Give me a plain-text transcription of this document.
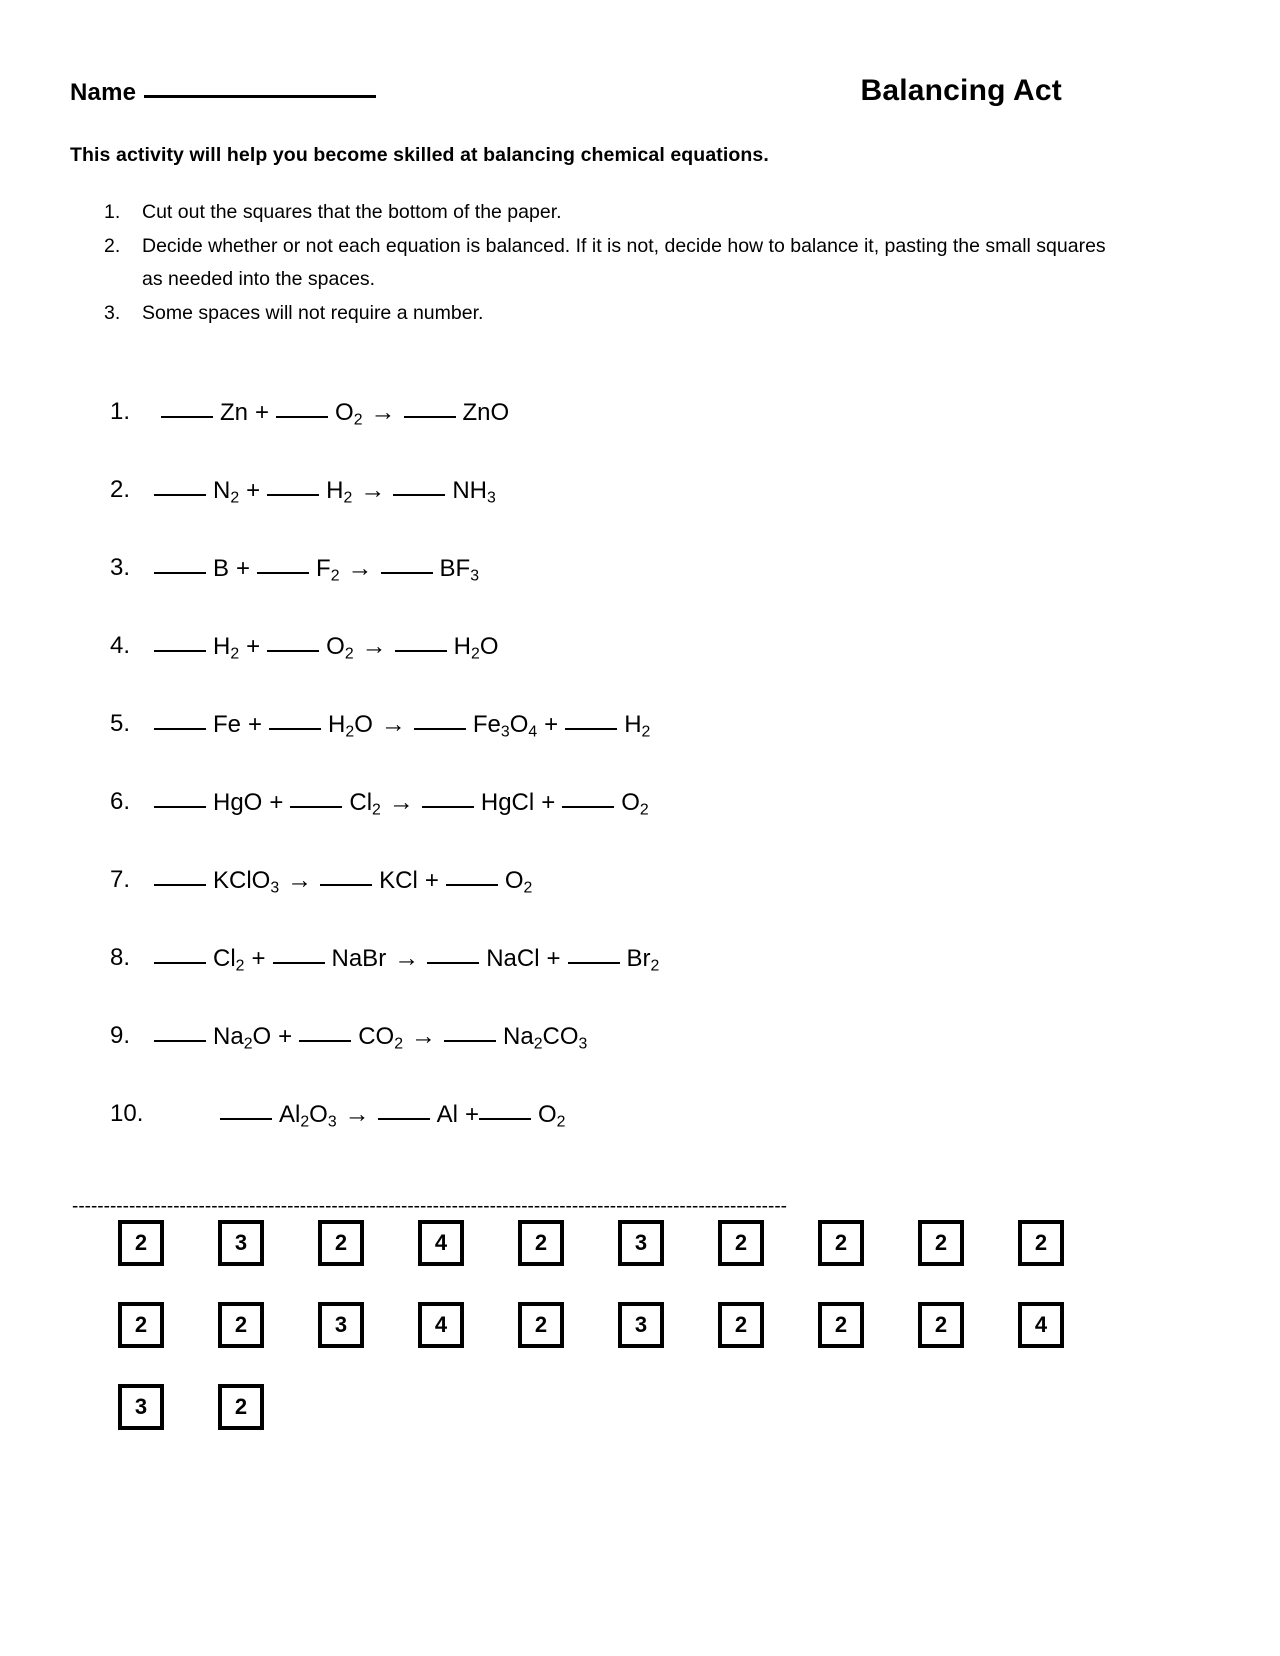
Name	Balancing Act
This activity will help you become skilled at balancing chemical equations.
1.	Cut out the squares that the bottom of the paper.
2.	Decide whether or not each equation is balanced. If it is not, decide how to balance it, pasting the small squares as needed into the spaces.
3.	Some spaces will not require a number.
1.	Zn +	$O_2$ →	ZnO
2.	$N_2$ +	$H_2$ →	$NH_3$
3.	B +	$F_2$ →	$BF_3$
4.	$H_2$ +	$O_2$ →	$H_2O$
5.	Fe +	$H_2O$ →	$Fe_3O_4$ +	$H_2$
6.	HgO +	$Cl_2$ →	HgCl +	$O_2$
7.	KClO$_3$ →	KCl +	$O_2$
8.	$Cl_2$ +	NaBr →	NaCl +	$Br_2$
9.	$Na_2O$ +	$CO_2$ →	$Na_2CO_3$
10.	$Al_2O_3$ →	$Al + O_2$
-----------------------------------------------------------------------------------------------------------------
2	3	2	4	2	3	2	2	2	2
2	2	3	4	2	3	2	2	2	4
3	2
